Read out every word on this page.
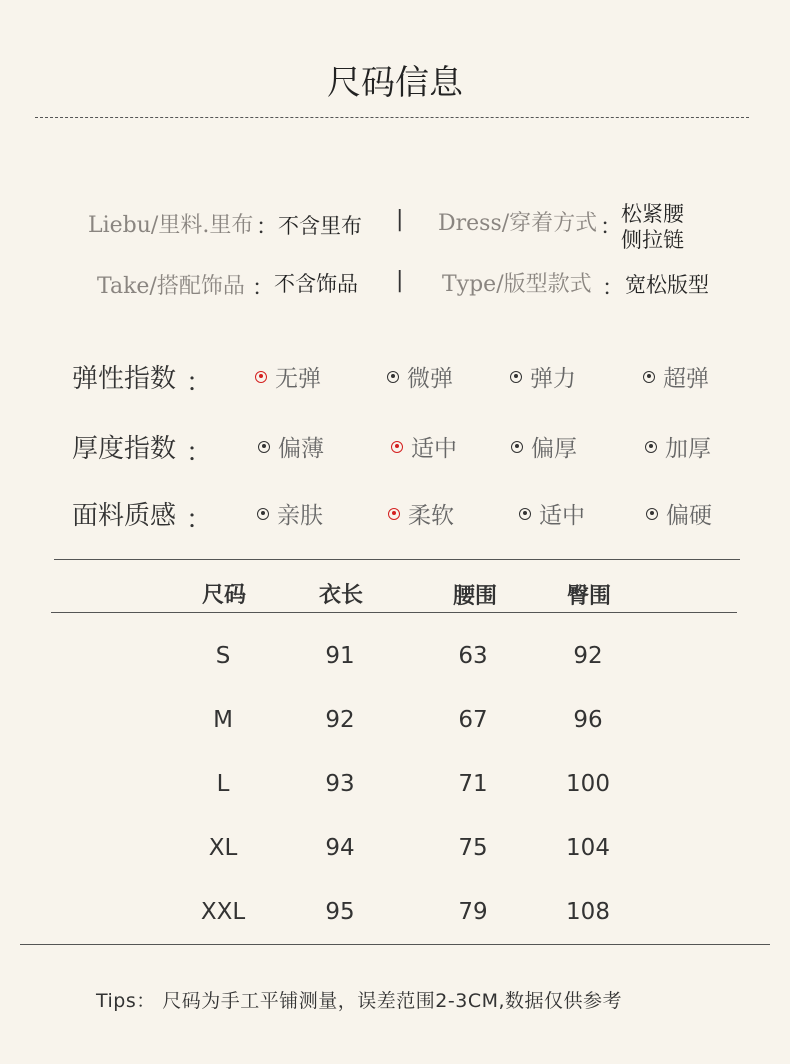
尺码信息
Liebu/里料.里布 ： 不含里布 | Dress/穿着方式 ：
松紧腰
侧拉链
Take/搭配饰品 ： 不含饰品 | Type/版型款式 ： 宽松版型
弹性指数 ：	无弹	微弹	弹力	超弹
厚度指数 ：	偏薄	适中	偏厚	加厚
面料质感 ：	亲肤	柔软	适中	偏硬
尺码	衣长	腰围	臀围
S	91	63	92
M	92	67	96
L	93	71	100
XL	94	75	104
XXL	95	79	108
Tips： 尺码为手工平铺测量，误差范围2-3CM,数据仅供参考
